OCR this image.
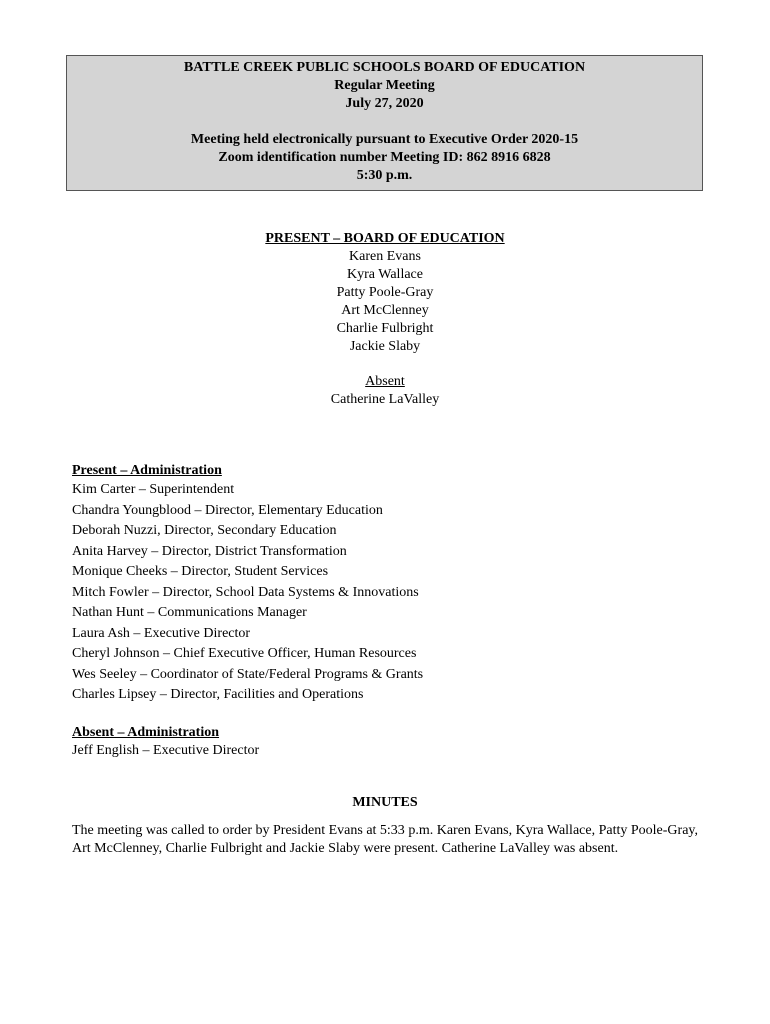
BATTLE CREEK PUBLIC SCHOOLS BOARD OF EDUCATION
Regular Meeting
July 27, 2020
Meeting held electronically pursuant to Executive Order 2020-15
Zoom identification number Meeting ID: 862 8916 6828
5:30 p.m.
PRESENT – BOARD OF EDUCATION
Karen Evans
Kyra Wallace
Patty Poole-Gray
Art McClenney
Charlie Fulbright
Jackie Slaby
Absent
Catherine LaValley
Present – Administration
Kim Carter – Superintendent
Chandra Youngblood – Director, Elementary Education
Deborah Nuzzi, Director, Secondary Education
Anita Harvey – Director, District Transformation
Monique Cheeks – Director, Student Services
Mitch Fowler – Director, School Data Systems & Innovations
Nathan Hunt – Communications Manager
Laura Ash – Executive Director
Cheryl Johnson – Chief Executive Officer, Human Resources
Wes Seeley – Coordinator of State/Federal Programs & Grants
Charles Lipsey – Director, Facilities and Operations
Absent – Administration
Jeff English – Executive Director
MINUTES
The meeting was called to order by President Evans at 5:33 p.m. Karen Evans, Kyra Wallace, Patty Poole-Gray, Art McClenney, Charlie Fulbright and Jackie Slaby were present. Catherine LaValley was absent.
